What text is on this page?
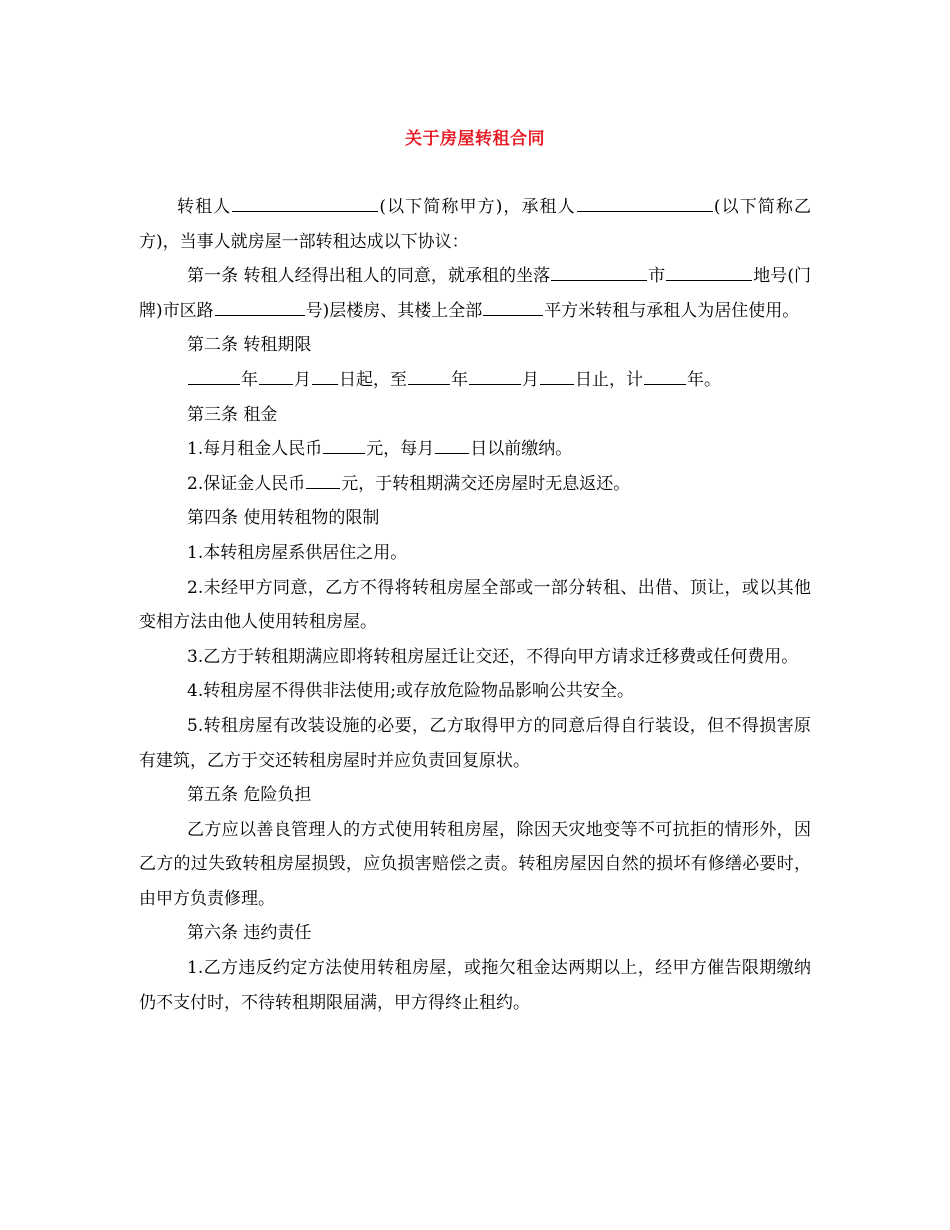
关于房屋转租合同

转租人	(以下简称甲方)，承租人	(以下简称乙方)，当事人就房屋一部转租达成以下协议：

第一条 转租人经得出租人的同意，就承租的坐落	市	地号(门牌)市区路	号)层楼房、其楼上全部	平方米转租与承租人为居住使用。

第二条 转租期限

年 月 日起，至	年	月 日止，计	年。

第三条 租金

1.每月租金人民币	元，每月 日以前缴纳。

2.保证金人民币 元，于转租期满交还房屋时无息返还。

第四条 使用转租物的限制

1.本转租房屋系供居住之用。

2.未经甲方同意，乙方不得将转租房屋全部或一部分转租、出借、顶让，或以其他变相方法由他人使用转租房屋。

3.乙方于转租期满应即将转租房屋迁让交还，不得向甲方请求迁移费或任何费用。

4.转租房屋不得供非法使用;或存放危险物品影响公共安全。

5.转租房屋有改装设施的必要，乙方取得甲方的同意后得自行装设，但不得损害原有建筑，乙方于交还转租房屋时并应负责回复原状。

第五条 危险负担

乙方应以善良管理人的方式使用转租房屋，除因天灾地变等不可抗拒的情形外，因乙方的过失致转租房屋损毁，应负损害赔偿之责。转租房屋因自然的损坏有修缮必要时，由甲方负责修理。

第六条 违约责任

1.乙方违反约定方法使用转租房屋，或拖欠租金达两期以上，经甲方催告限期缴纳仍不支付时，不待转租期限届满，甲方得终止租约。
